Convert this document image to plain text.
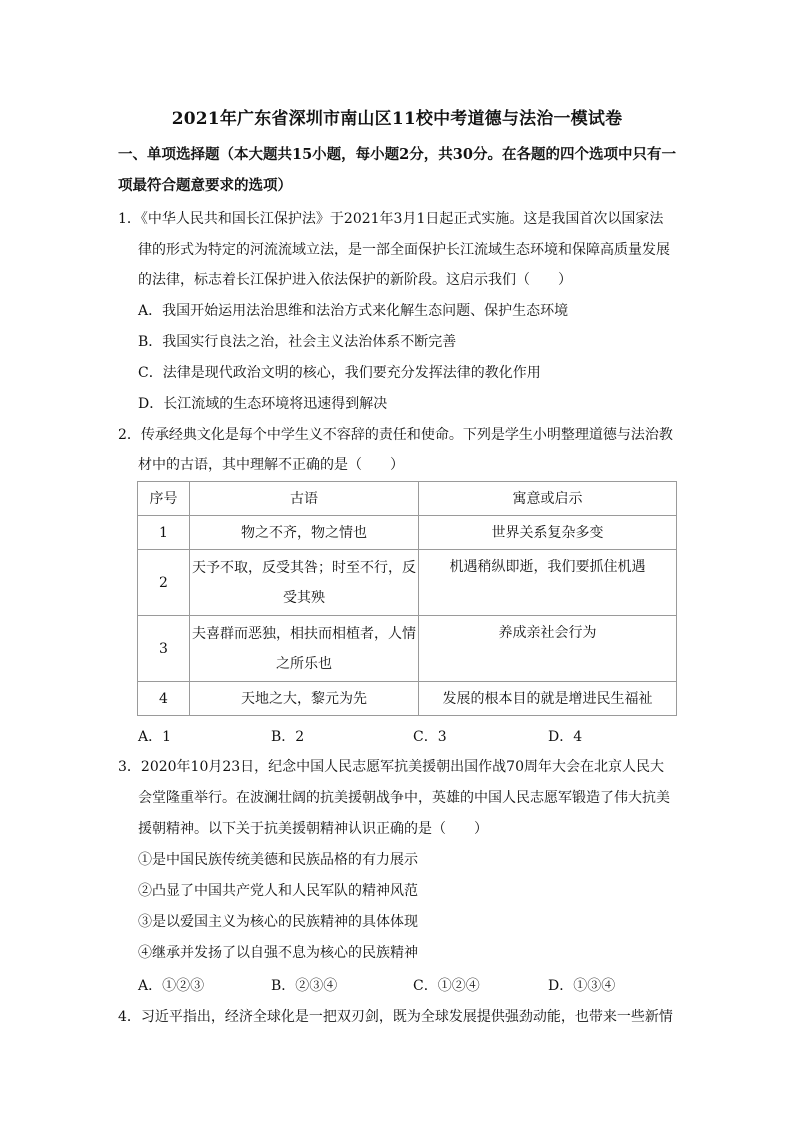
2021年广东省深圳市南山区11校中考道德与法治一模试卷
一、单项选择题（本大题共15小题，每小题2分，共30分。在各题的四个选项中只有一
项最符合题意要求的选项）
1．《中华人民共和国长江保护法》于2021年3月1日起正式实施。这是我国首次以国家法
律的形式为特定的河流流域立法，是一部全面保护长江流域生态环境和保障高质量发展
的法律，标志着长江保护进入依法保护的新阶段。这启示我们（　　）
A．我国开始运用法治思维和法治方式来化解生态问题、保护生态环境
B．我国实行良法之治，社会主义法治体系不断完善
C．法律是现代政治文明的核心，我们要充分发挥法律的教化作用
D．长江流域的生态环境将迅速得到解决
2．传承经典文化是每个中学生义不容辞的责任和使命。下列是学生小明整理道德与法治教
材中的古语，其中理解不正确的是（　　）
序号	古语	寓意或启示
1	物之不齐，物之情也	世界关系复杂多变
2	天予不取，反受其咎；时至不行，反
受其殃	机遇稍纵即逝，我们要抓住机遇
3	夫喜群而恶独，相扶而相植者，人情
之所乐也	养成亲社会行为
4	天地之大，黎元为先	发展的根本目的就是增进民生福祉
A．1	B．2	C．3	D．4
3．2020年10月23日，纪念中国人民志愿军抗美援朝出国作战70周年大会在北京人民大
会堂隆重举行。在波澜壮阔的抗美援朝战争中，英雄的中国人民志愿军锻造了伟大抗美
援朝精神。以下关于抗美援朝精神认识正确的是（　　）
①是中国民族传统美德和民族品格的有力展示
②凸显了中国共产党人和人民军队的精神风范
③是以爱国主义为核心的民族精神的具体体现
④继承并发扬了以自强不息为核心的民族精神
A．①②③	B．②③④	C．①②④	D．①③④
4．习近平指出，经济全球化是一把双刃剑，既为全球发展提供强劲动能，也带来一些新情
